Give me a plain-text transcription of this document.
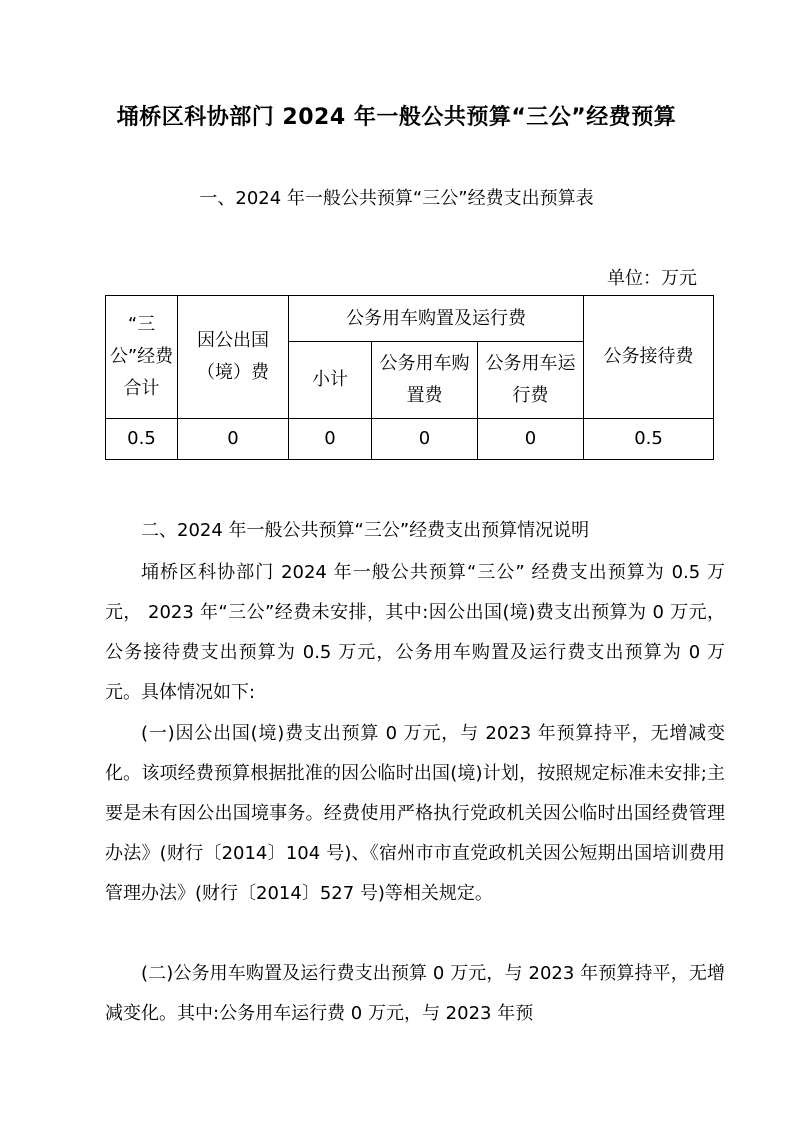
埇桥区科协部门 2024 年一般公共预算“三公”经费预算
一、2024 年一般公共预算“三公”经费支出预算表
单位：万元
“三公”经费合计	因公出国（境）费	公务用车购置及运行费			公务接待费
		小计	公务用车购置费	公务用车运行费	
0.5	0	0	0	0	0.5
二、2024 年一般公共预算“三公”经费支出预算情况说明
埇桥区科协部门 2024 年一般公共预算“三公” 经费支出预算为 0.5 万元， 2023 年“三公”经费未安排，其中:因公出国(境)费支出预算为 0 万元， 公务接待费支出预算为 0.5 万元，公务用车购置及运行费支出预算为 0 万元。具体情况如下:
(一)因公出国(境)费支出预算 0 万元，与 2023 年预算持平，无增减变化。该项经费预算根据批准的因公临时出国(境)计划，按照规定标准未安排;主要是未有因公出国境事务。经费使用严格执行党政机关因公临时出国经费管理办法》(财行〔2014〕104 号)、《宿州市市直党政机关因公短期出国培训费用管理办法》(财行〔2014〕527 号)等相关规定。
(二)公务用车购置及运行费支出预算 0 万元，与 2023 年预算持平，无增减变化。其中:公务用车运行费 0 万元，与 2023 年预
